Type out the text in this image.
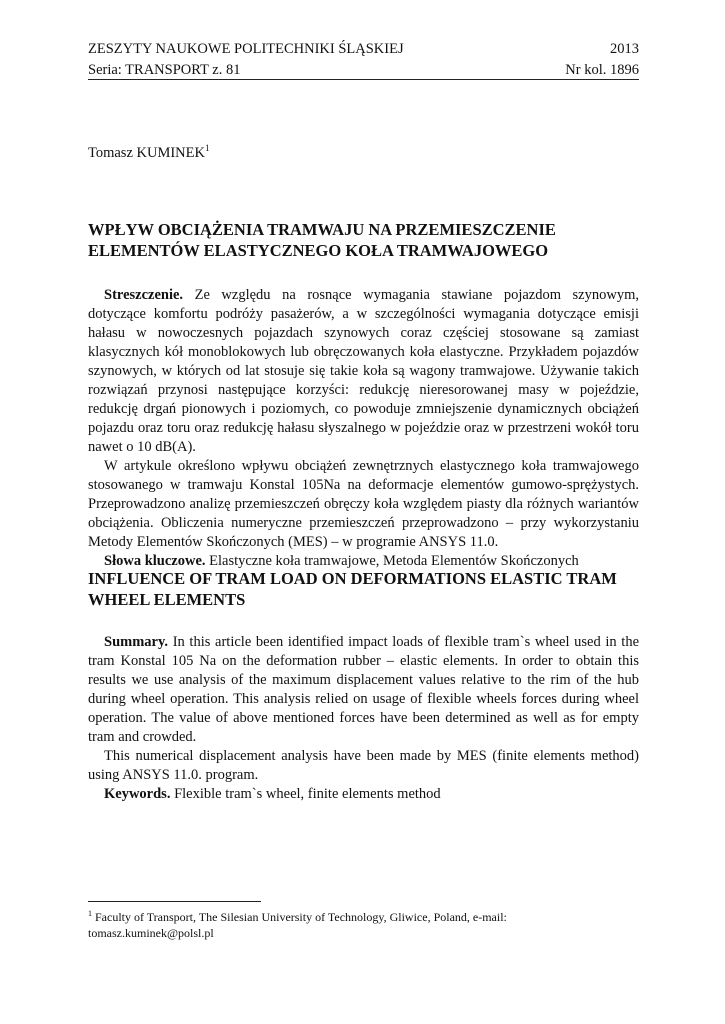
ZESZYTY NAUKOWE POLITECHNIKI ŚLĄSKIEJ	2013
Seria: TRANSPORT z. 81	Nr kol. 1896
Tomasz KUMINEK$^1$
WPŁYW OBCIĄŻENIA TRAMWAJU NA PRZEMIESZCZENIE
ELEMENTÓW ELASTYCZNEGO KOŁA TRAMWAJOWEGO
Streszczenie. Ze względu na rosnące wymagania stawiane pojazdom szynowym,
dotyczące komfortu podróży pasażerów, a w szczególności wymagania dotyczące emisji
hałasu w nowoczesnych pojazdach szynowych coraz częściej stosowane są zamiast
klasycznych kół monoblokowych lub obręczowanych koła elastyczne. Przykładem pojazdów
szynowych, w których od lat stosuje się takie koła są wagony tramwajowe. Używanie takich
rozwiązań przynosi następujące korzyści: redukcję nieresorowanej masy w pojeździe,
redukcję drgań pionowych i poziomych, co powoduje zmniejszenie dynamicznych obciążeń
pojazdu oraz toru oraz redukcję hałasu słyszalnego w pojeździe oraz w przestrzeni wokół toru
nawet o 10 dB(A).
W artykule określono wpływu obciążeń zewnętrznych elastycznego koła tramwajowego
stosowanego w tramwaju Konstal 105Na na deformacje elementów gumowo-sprężystych.
Przeprowadzono analizę przemieszczeń obręczy koła względem piasty dla różnych wariantów
obciążenia. Obliczenia numeryczne przemieszczeń przeprowadzono – przy wykorzystaniu
Metody Elementów Skończonych (MES) – w programie ANSYS 11.0.
Słowa kluczowe. Elastyczne koła tramwajowe, Metoda Elementów Skończonych
INFLUENCE OF TRAM LOAD ON DEFORMATIONS ELASTIC TRAM
WHEEL ELEMENTS
Summary. In this article been identified impact loads of flexible tram`s wheel used in the
tram Konstal 105 Na on the deformation rubber – elastic elements. In order to obtain this
results we use analysis of the maximum displacement values relative to the rim of the hub
during wheel operation. This analysis relied on usage of flexible wheels forces during wheel
operation. The value of above mentioned forces have been determined as well as for empty
tram and crowded.
This numerical displacement analysis have been made by MES (finite elements method)
using ANSYS 11.0. program.
Keywords. Flexible tram`s wheel, finite elements method

$^1$ Faculty of Transport, The Silesian University of Technology, Gliwice, Poland, e-mail:
tomasz.kuminek@polsl.pl
